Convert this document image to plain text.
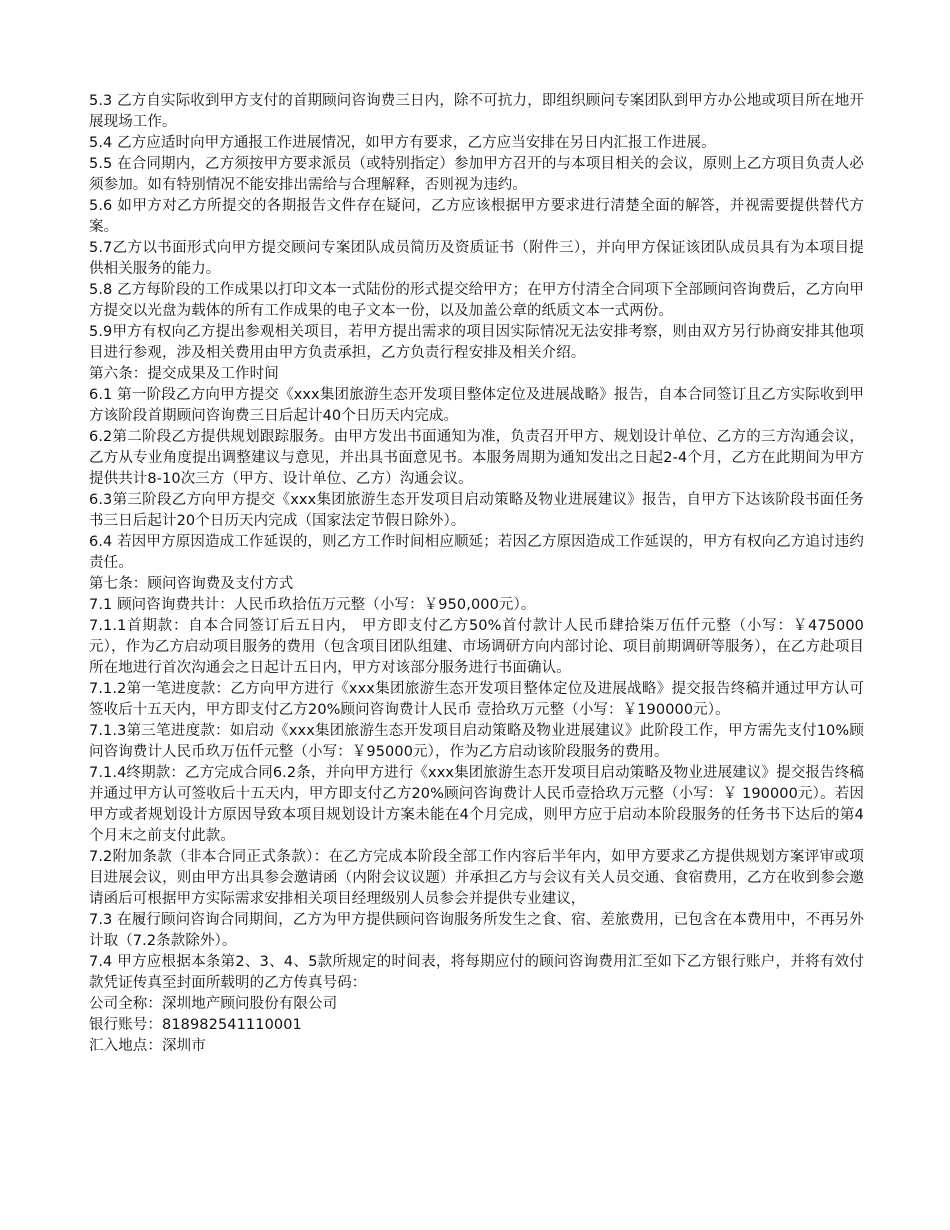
5.3 乙方自实际收到甲方支付的首期顾问咨询费三日内，除不可抗力，即组织顾问专案团队到甲方办公地或项目所在地开展现场工作。

5.4 乙方应适时向甲方通报工作进展情况，如甲方有要求，乙方应当安排在另日内汇报工作进展。

5.5 在合同期内，乙方须按甲方要求派员（或特别指定）参加甲方召开的与本项目相关的会议，原则上乙方项目负责人必须参加。如有特别情况不能安排出需给与合理解释，否则视为违约。

5.6 如甲方对乙方所提交的各期报告文件存在疑问，乙方应该根据甲方要求进行清楚全面的解答，并视需要提供替代方案。

5.7乙方以书面形式向甲方提交顾问专案团队成员简历及资质证书（附件三），并向甲方保证该团队成员具有为本项目提供相关服务的能力。

5.8 乙方每阶段的工作成果以打印文本一式陆份的形式提交给甲方；在甲方付清全合同项下全部顾问咨询费后，乙方向甲方提交以光盘为载体的所有工作成果的电子文本一份，以及加盖公章的纸质文本一式两份。

5.9甲方有权向乙方提出参观相关项目，若甲方提出需求的项目因实际情况无法安排考察，则由双方另行协商安排其他项目进行参观，涉及相关费用由甲方负责承担，乙方负责行程安排及相关介绍。

第六条：提交成果及工作时间

6.1 第一阶段乙方向甲方提交《xxx集团旅游生态开发项目整体定位及进展战略》报告，自本合同签订且乙方实际收到甲方该阶段首期顾问咨询费三日后起计40个日历天内完成。

6.2第二阶段乙方提供规划跟踪服务。由甲方发出书面通知为准，负责召开甲方、规划设计单位、乙方的三方沟通会议，乙方从专业角度提出调整建议与意见，并出具书面意见书。本服务周期为通知发出之日起2-4个月，乙方在此期间为甲方提供共计8-10次三方（甲方、设计单位、乙方）沟通会议。

6.3第三阶段乙方向甲方提交《xxx集团旅游生态开发项目启动策略及物业进展建议》报告，自甲方下达该阶段书面任务书三日后起计20个日历天内完成（国家法定节假日除外）。

6.4 若因甲方原因造成工作延误的，则乙方工作时间相应顺延；若因乙方原因造成工作延误的，甲方有权向乙方追讨违约责任。

第七条：顾问咨询费及支付方式

7.1 顾问咨询费共计：人民币玖拾伍万元整（小写：￥950,000元）。

7.1.1首期款：自本合同签订后五日内， 甲方即支付乙方50%首付款计人民币肆拾柒万伍仟元整（小写：￥475000元），作为乙方启动项目服务的费用（包含项目团队组建、市场调研方向内部讨论、项目前期调研等服务），在乙方赴项目所在地进行首次沟通会之日起计五日内，甲方对该部分服务进行书面确认。

7.1.2第一笔进度款：乙方向甲方进行《xxx集团旅游生态开发项目整体定位及进展战略》提交报告终稿并通过甲方认可签收后十五天内，甲方即支付乙方20%顾问咨询费计人民币 壹拾玖万元整（小写：￥190000元）。

7.1.3第三笔进度款：如启动《xxx集团旅游生态开发项目启动策略及物业进展建议》此阶段工作，甲方需先支付10%顾问咨询费计人民币玖万伍仟元整（小写：￥95000元），作为乙方启动该阶段服务的费用。

7.1.4终期款：乙方完成合同6.2条，并向甲方进行《xxx集团旅游生态开发项目启动策略及物业进展建议》提交报告终稿并通过甲方认可签收后十五天内，甲方即支付乙方20%顾问咨询费计人民币壹拾玖万元整（小写：￥ 190000元）。若因甲方或者规划设计方原因导致本项目规划设计方案未能在4个月完成，则甲方应于启动本阶段服务的任务书下达后的第4个月末之前支付此款。

7.2附加条款（非本合同正式条款）：在乙方完成本阶段全部工作内容后半年内，如甲方要求乙方提供规划方案评审或项目进展会议，则由甲方出具参会邀请函（内附会议议题）并承担乙方与会议有关人员交通、食宿费用，乙方在收到参会邀请函后可根据甲方实际需求安排相关项目经理级别人员参会并提供专业建议，

7.3 在履行顾问咨询合同期间，乙方为甲方提供顾问咨询服务所发生之食、宿、差旅费用，已包含在本费用中，不再另外计取（7.2条款除外）。

7.4 甲方应根据本条第2、3、4、5款所规定的时间表，将每期应付的顾问咨询费用汇至如下乙方银行账户，并将有效付款凭证传真至封面所载明的乙方传真号码：

公司全称：深圳地产顾问股份有限公司

银行账号：818982541110001

汇入地点：深圳市
